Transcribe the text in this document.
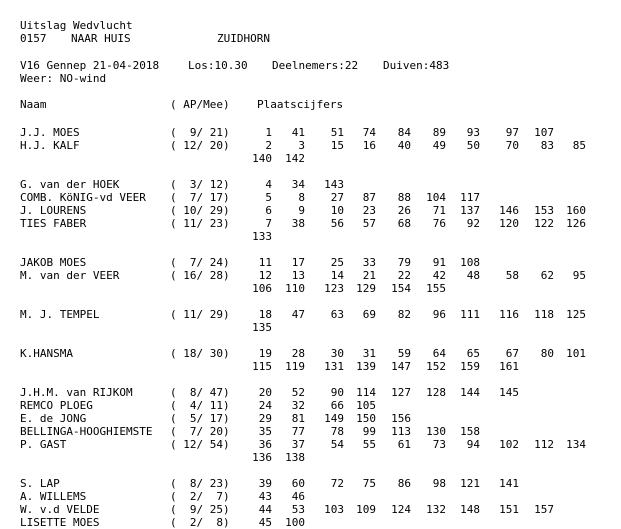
Uitslag Wedvlucht
0157 NAAR HUIS	ZUIDHORN
V16 Gennep 21-04-2018	Los:10.30 Deelnemers:22 Duiven:483
Weer: NO-wind
Naam	( AP/Mee) Plaatscijfers
J.J. MOES	(  9/ 21)	1	41	51	74	84	89	93	97	107
H.J. KALF	( 12/ 20)	2	3	15	16	40	49	50	70	83	85
140	142
G. van der HOEK	(  3/ 12)	4	34	143
COMB. KöNIG-vd VEER (  7/ 17)	5	8	27	87	88	104	117
J. LOURENS	( 10/ 29)	6	9	10	23	26	71	137	146	153	160
TIES FABER	( 11/ 23)	7	38	56	57	68	76	92	120	122	126
133
JAKOB MOES	(  7/ 24)	11	17	25	33	79	91	108
M. van der VEER	( 16/ 28)	12	13	14	21	22	42	48	58	62	95
106	110	123	129	154	155
M. J. TEMPEL	( 11/ 29)	18	47	63	69	82	96	111	116	118	125
135
K.HANSMA	( 18/ 30)	19	28	30	31	59	64	65	67	80	101
115	119	131	139	147	152	159	161
J.H.M. van RIJKOM	(  8/ 47)	20	52	90	114	127	128	144	145
REMCO PLOEG	(  4/ 11)	24	32	66	105
E. de JONG	(  5/ 17)	29	81	149	150	156
BELLINGA-HOOGHIEMSTE (  7/ 20)	35	77	78	99	113	130	158
P. GAST	( 12/ 54)	36	37	54	55	61	73	94	102	112	134
136	138
S. LAP	(  8/ 23)	39	60	72	75	86	98	121	141
A. WILLEMS	(  2/  7)	43	46
W. v.d VELDE	(  9/ 25)	44	53	103	109	124	132	148	151	157
LISETTE MOES	(  2/  8)	45	100
